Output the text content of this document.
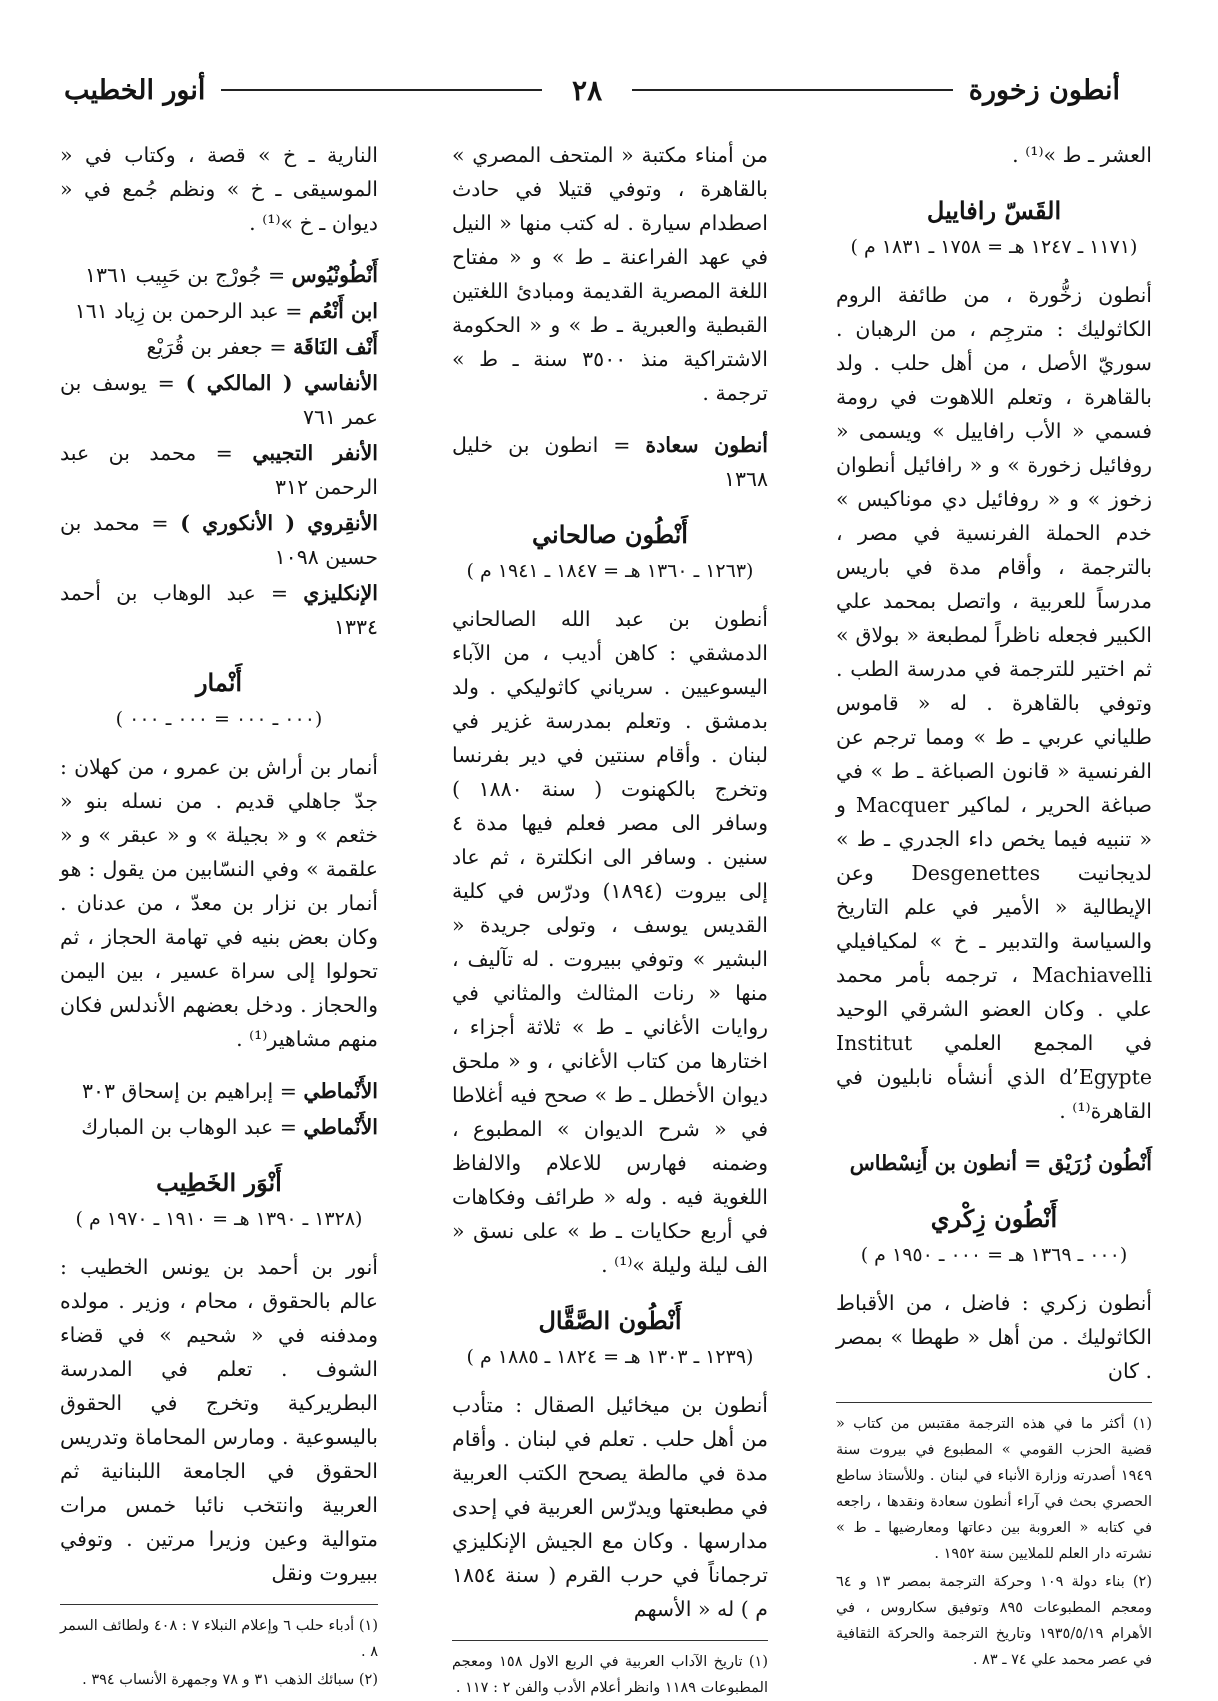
أنطون زخورة
٢٨
أنور الخطيب

العشر ـ ط »⁽¹⁾ .

القَسّ رافاييل
(١١٧١ ـ ١٢٤٧ هـ = ١٧٥٨ ـ ١٨٣١ م )

أنطون زخُّورة ، من طائفة الروم الكاثوليك : مترجِم ، من الرهبان . سوريّ الأصل ، من أهل حلب . ولد بالقاهرة ، وتعلم اللاهوت في رومة فسمي « الأب رافاييل » ويسمى « روفائيل زخورة » و « رافائيل أنطوان زخوز » و « روفائيل دي موناكيس » خدم الحملة الفرنسية في مصر ، بالترجمة ، وأقام مدة في باريس مدرساً للعربية ، واتصل بمحمد علي الكبير فجعله ناظراً لمطبعة « بولاق » ثم اختير للترجمة في مدرسة الطب . وتوفي بالقاهرة . له « قاموس طلياني عربي ـ ط » ومما ترجم عن الفرنسية « قانون الصباغة ـ ط » في صباغة الحرير ، لماكير Macquer و « تنبيه فيما يخص داء الجدري ـ ط » لديجانيت Desgenettes وعن الإيطالية « الأمير في علم التاريخ والسياسة والتدبير ـ خ » لمكيافيلي Machiavelli ، ترجمه بأمر محمد علي . وكان العضو الشرقي الوحيد في المجمع العلمي Institut d’Egypte الذي أنشأه نابليون في القاهرة⁽¹⁾ .

أَنْطُون زُرَيْق = أنطون بن أَنِسْطاس
أَنْطُون زِكْري
(٠٠٠ ـ ١٣٦٩ هـ = ٠٠٠ ـ ١٩٥٠ م )

أنطون زكري : فاضل ، من الأقباط الكاثوليك . من أهل « طهطا » بمصر . كان

(١) أكثر ما في هذه الترجمة مقتبس من كتاب « قضية الحزب القومي » المطبوع في بيروت سنة ١٩٤٩ أصدرته وزارة الأنباء في لبنان . وللأستاذ ساطع الحصري بحث في آراء أنطون سعادة ونقدها ، راجعه في كتابه « العروبة بين دعاتها ومعارضيها ـ ط » نشرته دار العلم للملايين سنة ١٩٥٢ .
(٢) بناء دولة ١٠٩ وحركة الترجمة بمصر ١٣ و ٦٤ ومعجم المطبوعات ٨٩٥ وتوفيق سكاروس ، في الأهرام ١٩٣٥/٥/١٩ وتاريخ الترجمة والحركة الثقافية في عصر محمد علي ٧٤ ـ ٨٣ .

من أمناء مكتبة « المتحف المصري » بالقاهرة ، وتوفي قتيلا في حادث اصطدام سيارة . له كتب منها « النيل في عهد الفراعنة ـ ط » و « مفتاح اللغة المصرية القديمة ومبادئ اللغتين القبطية والعبرية ـ ط » و « الحكومة الاشتراكية منذ ٣٥٠٠ سنة ـ ط » ترجمة .

أنطون سعادة = انطون بن خليل ١٣٦٨
أَنْطُون صالحاني
(١٢٦٣ ـ ١٣٦٠ هـ = ١٨٤٧ ـ ١٩٤١ م )

أنطون بن عبد الله الصالحاني الدمشقي : كاهن أديب ، من الآباء اليسوعيين . سرياني كاثوليكي . ولد بدمشق . وتعلم بمدرسة غزير في لبنان . وأقام سنتين في دير بفرنسا وتخرج بالكهنوت ( سنة ١٨٨٠ ) وسافر الى مصر فعلم فيها مدة ٤ سنين . وسافر الى انكلترة ، ثم عاد إلى بيروت (١٨٩٤) ودرّس في كلية القديس يوسف ، وتولى جريدة « البشير » وتوفي ببيروت . له تآليف ، منها « رنات المثالث والمثاني في روايات الأغاني ـ ط » ثلاثة أجزاء ، اختارها من كتاب الأغاني ، و « ملحق ديوان الأخطل ـ ط » صحح فيه أغلاطا في « شرح الديوان » المطبوع ، وضمنه فهارس للاعلام والالفاظ اللغوية فيه . وله « طرائف وفكاهات في أربع حكايات ـ ط » على نسق « الف ليلة وليلة »⁽¹⁾ .

أَنْطُون الصَّقَّال
(١٢٣٩ ـ ١٣٠٣ هـ = ١٨٢٤ ـ ١٨٨٥ م )

أنطون بن ميخائيل الصقال : متأدب من أهل حلب . تعلم في لبنان . وأقام مدة في مالطة يصحح الكتب العربية في مطبعتها ويدرّس العربية في إحدى مدارسها . وكان مع الجيش الإنكليزي ترجماناً في حرب القرم ( سنة ١٨٥٤ م ) له « الأسهم

(١) تاريخ الآداب العربية في الربع الاول ١٥٨ ومعجم المطبوعات ١١٨٩ وانظر أعلام الأدب والفن ٢ : ١١٧ .

النارية ـ خ » قصة ، وكتاب في « الموسيقى ـ خ » ونظم جُمع في « ديوان ـ خ »⁽¹⁾ .

أَنْطُونْيُوس = جُورْج بن حَبِيب ١٣٦١
ابن أَنْعُم = عبد الرحمن بن زِياد ١٦١
أَنْف النَاقَة = جعفر بن قُرَيْع
الأنفاسي ( المالكي ) = يوسف بن عمر ٧٦١
الأنفر التجيبي = محمد بن عبد الرحمن ٣١٢
الأنقِروي ( الأنكوري ) = محمد بن حسين ١٠٩٨
الإنكليزي = عبد الوهاب بن أحمد ١٣٣٤
أَنْمار
(٠٠٠ ـ ٠٠٠ = ٠٠٠ ـ ٠٠٠ )

أنمار بن أراش بن عمرو ، من كهلان : جدّ جاهلي قديم . من نسله بنو « خثعم » و « بجيلة » و « عبقر » و « علقمة » وفي النسّابين من يقول : هو أنمار بن نزار بن معدّ ، من عدنان . وكان بعض بنيه في تهامة الحجاز ، ثم تحولوا إلى سراة عسير ، بين اليمن والحجاز . ودخل بعضهم الأندلس فكان منهم مشاهير⁽¹⁾ .

الأَنْماطي = إبراهيم بن إسحاق ٣٠٣
الأَنْماطي = عبد الوهاب بن المبارك
أَنْوَر الخَطِيب
(١٣٢٨ ـ ١٣٩٠ هـ = ١٩١٠ ـ ١٩٧٠ م )

أنور بن أحمد بن يونس الخطيب : عالم بالحقوق ، محام ، وزير . مولده ومدفنه في « شحيم » في قضاء الشوف . تعلم في المدرسة البطريركية وتخرج في الحقوق باليسوعية . ومارس المحاماة وتدريس الحقوق في الجامعة اللبنانية ثم العربية وانتخب نائبا خمس مرات متوالية وعين وزيرا مرتين . وتوفي ببيروت ونقل

(١) أدباء حلب ٦ وإعلام النبلاء ٧ : ٤٠٨ ولطائف السمر ٨ .
(٢) سبائك الذهب ٣١ و ٧٨ وجمهرة الأنساب ٣٩٤ .
